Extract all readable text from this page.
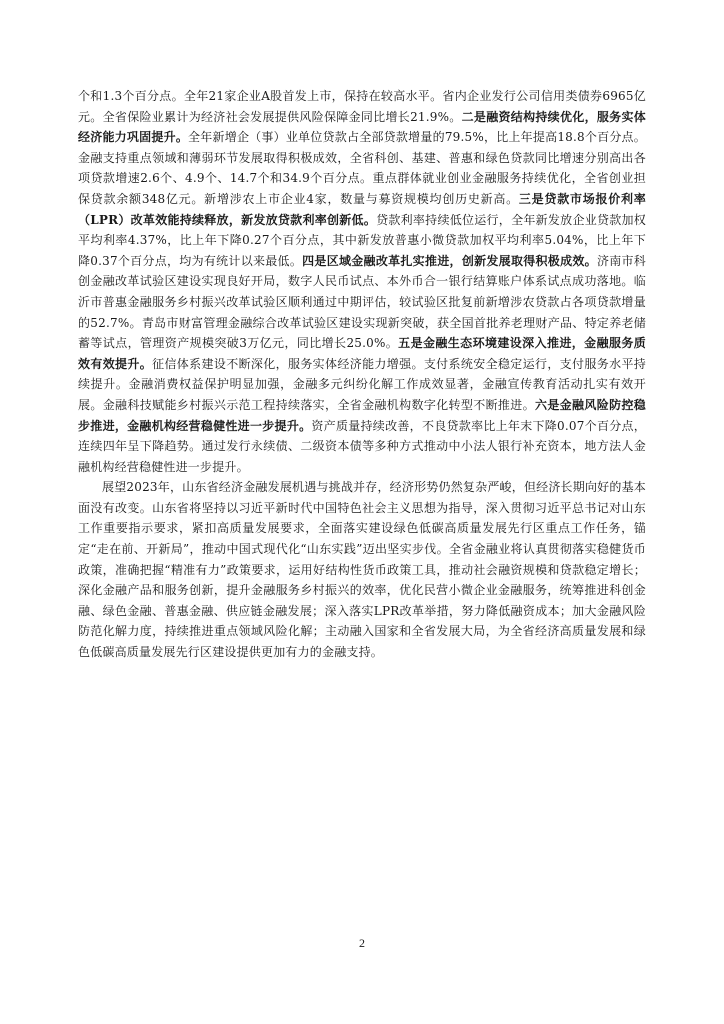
个和1.3个百分点。全年21家企业A股首发上市，保持在较高水平。省内企业发行公司信用类债券6965亿元。全省保险业累计为经济社会发展提供风险保障金同比增长21.9%。二是融资结构持续优化，服务实体经济能力巩固提升。全年新增企（事）业单位贷款占全部贷款增量的79.5%，比上年提高18.8个百分点。金融支持重点领域和薄弱环节发展取得积极成效，全省科创、基建、普惠和绿色贷款同比增速分别高出各项贷款增速2.6个、4.9个、14.7个和34.9个百分点。重点群体就业创业金融服务持续优化，全省创业担保贷款余额348亿元。新增涉农上市企业4家，数量与募资规模均创历史新高。三是贷款市场报价利率（LPR）改革效能持续释放，新发放贷款利率创新低。贷款利率持续低位运行，全年新发放企业贷款加权平均利率4.37%，比上年下降0.27个百分点，其中新发放普惠小微贷款加权平均利率5.04%，比上年下降0.37个百分点，均为有统计以来最低。四是区域金融改革扎实推进，创新发展取得积极成效。济南市科创金融改革试验区建设实现良好开局，数字人民币试点、本外币合一银行结算账户体系试点成功落地。临沂市普惠金融服务乡村振兴改革试验区顺利通过中期评估，较试验区批复前新增涉农贷款占各项贷款增量的52.7%。青岛市财富管理金融综合改革试验区建设实现新突破，获全国首批养老理财产品、特定养老储蓄等试点，管理资产规模突破3万亿元，同比增长25.0%。五是金融生态环境建设深入推进，金融服务质效有效提升。征信体系建设不断深化，服务实体经济能力增强。支付系统安全稳定运行，支付服务水平持续提升。金融消费权益保护明显加强，金融多元纠纷化解工作成效显著，金融宣传教育活动扎实有效开展。金融科技赋能乡村振兴示范工程持续落实，全省金融机构数字化转型不断推进。六是金融风险防控稳步推进，金融机构经营稳健性进一步提升。资产质量持续改善，不良贷款率比上年末下降0.07个百分点，连续四年呈下降趋势。通过发行永续债、二级资本债等多种方式推动中小法人银行补充资本，地方法人金融机构经营稳健性进一步提升。

展望2023年，山东省经济金融发展机遇与挑战并存，经济形势仍然复杂严峻，但经济长期向好的基本面没有改变。山东省将坚持以习近平新时代中国特色社会主义思想为指导，深入贯彻习近平总书记对山东工作重要指示要求，紧扣高质量发展要求，全面落实建设绿色低碳高质量发展先行区重点工作任务，锚定“走在前、开新局”，推动中国式现代化“山东实践”迈出坚实步伐。全省金融业将认真贯彻落实稳健货币政策，准确把握“精准有力”政策要求，运用好结构性货币政策工具，推动社会融资规模和贷款稳定增长；深化金融产品和服务创新，提升金融服务乡村振兴的效率，优化民营小微企业金融服务，统筹推进科创金融、绿色金融、普惠金融、供应链金融发展；深入落实LPR改革举措，努力降低融资成本；加大金融风险防范化解力度，持续推进重点领域风险化解；主动融入国家和全省发展大局，为全省经济高质量发展和绿色低碳高质量发展先行区建设提供更加有力的金融支持。

2
